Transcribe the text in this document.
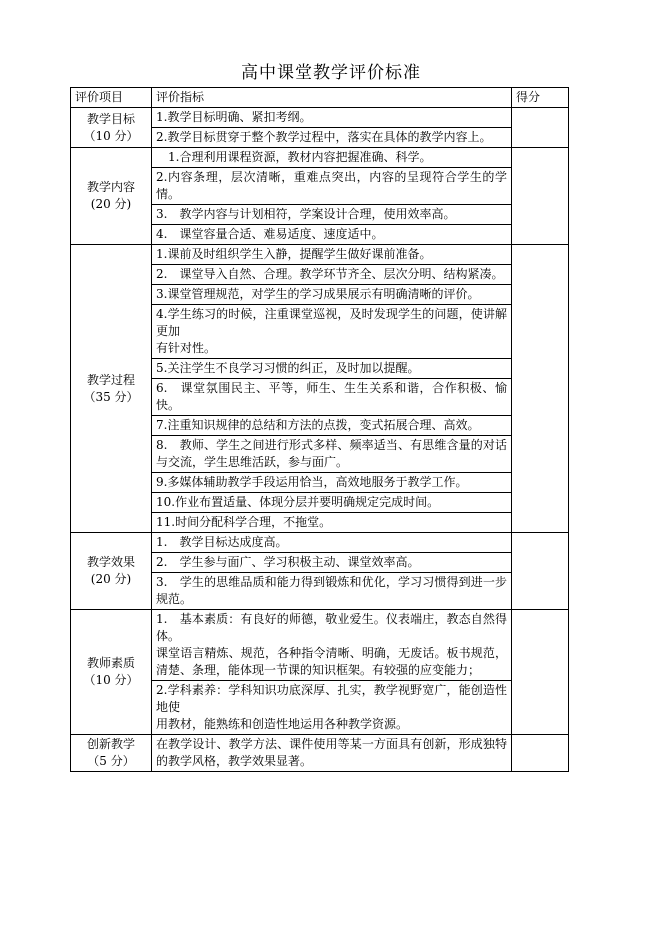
高中课堂教学评价标准
评价项目	评价指标	得分

教学目标
（10 分）	1.教学目标明确、紧扣考纲。	

	2.教学目标贯穿于整个教学过程中，落实在具体的教学内容上。	

教学内容
(20 分)	　1.合理利用课程资源，教材内容把握准确、科学。	

	2.内容条理，层次清晰，重难点突出，内容的呈现符合学生的学情。	

	3.　教学内容与计划相符，学案设计合理，使用效率高。	

	4.　课堂容量合适、难易适度、速度适中。	

教学过程
（35 分）	1.课前及时组织学生入静，提醒学生做好课前准备。	

	2.　课堂导入自然、合理。教学环节齐全、层次分明、结构紧凑。	

	3.课堂管理规范，对学生的学习成果展示有明确清晰的评价。	

	4.学生练习的时候，注重课堂巡视，及时发现学生的问题，使讲解更加
有针对性。	

	5.关注学生不良学习习惯的纠正，及时加以提醒。	

	6.　课堂氛围民主、平等，师生、生生关系和谐，合作积极、愉快。	

	7.注重知识规律的总结和方法的点拨，变式拓展合理、高效。	

	8.　教师、学生之间进行形式多样、频率适当、有思维含量的对话与交流，学生思维活跃，参与面广。	

	9.多媒体辅助教学手段运用恰当，高效地服务于教学工作。	

	10.作业布置适量、体现分层并要明确规定完成时间。	

	11.时间分配科学合理，不拖堂。	

教学效果
(20 分)	1.　教学目标达成度高。	

	2.　学生参与面广、学习积极主动、课堂效率高。	

	3.　学生的思维品质和能力得到锻炼和优化，学习习惯得到进一步规范。	

教师素质
（10 分）	1.　基本素质：有良好的师德，敬业爱生。仪表端庄，教态自然得体。
课堂语言精炼、规范，各种指令清晰、明确，无废话。板书规范，清楚、条理，能体现一节课的知识框架。有较强的应变能力；	

	2.学科素养：学科知识功底深厚、扎实，教学视野宽广，能创造性地使
用教材，能熟练和创造性地运用各种教学资源。	

创新教学
（5 分）	在教学设计、教学方法、课件使用等某一方面具有创新，形成独特的教学风格，教学效果显著。	
